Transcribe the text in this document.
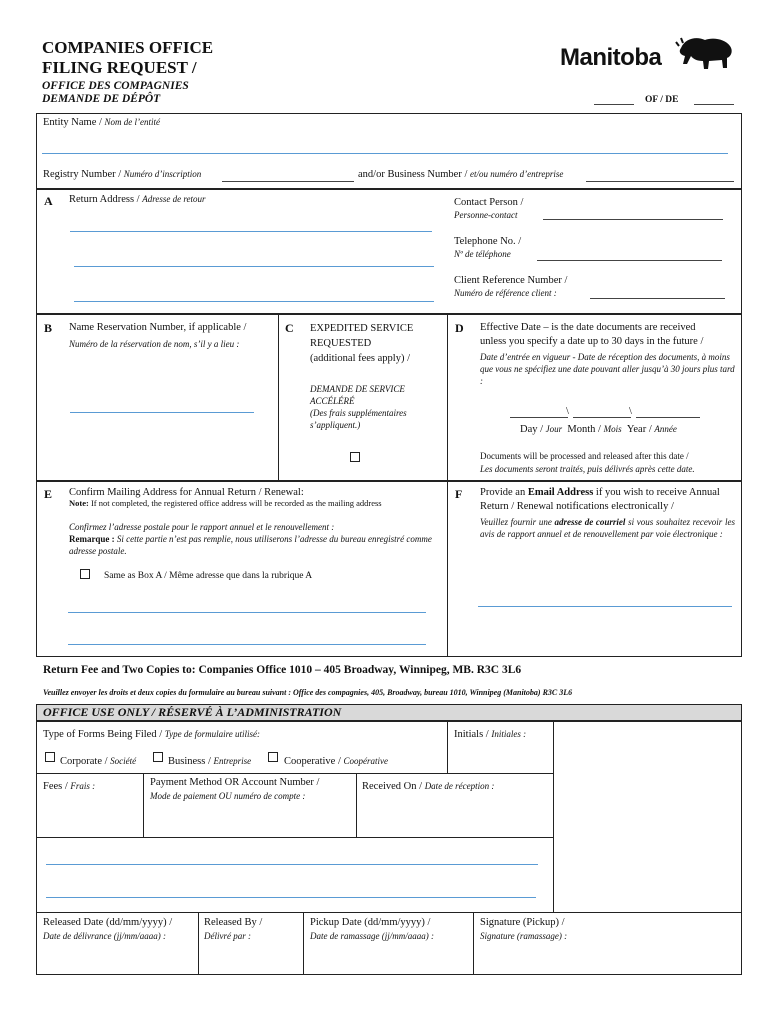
COMPANIES OFFICE
FILING REQUEST /
OFFICE DES COMPAGNIES
DEMANDE DE DÉPÔT
Manitoba
OF / DE
Entity Name / Nom de l’entité
Registry Number / Numéro d’inscription	and/or Business Number / et/ou numéro d’entreprise
A Return Address / Adresse de retour	Contact Person /
Personne-contact
Telephone No. /
Nº de téléphone
Client Reference Number /
Numéro de référence client :
B Name Reservation Number, if applicable /
Numéro de la réservation de nom, s’il y a lieu :
C EXPEDITED SERVICE
REQUESTED
(additional fees apply) /
DEMANDE DE SERVICE
ACCÉLÉRÉ
(Des frais supplémentaires
s’appliquent.)
D Effective Date – is the date documents are received
unless you specify a date up to 30 days in the future /
Date d’entrée en vigueur - Date de réception des documents, à moins que vous ne spécifiez une date pouvant aller jusqu’à 30 jours plus tard :
\	\
Day / Jour Month / Mois Year / Année
Documents will be processed and released after this date /
Les documents seront traités, puis délivrés après cette date.
E Confirm Mailing Address for Annual Return / Renewal:
Note: If not completed, the registered office address will be recorded as the mailing address
Confirmez l’adresse postale pour le rapport annuel et le renouvellement :
Remarque : Si cette partie n’est pas remplie, nous utiliserons l’adresse du bureau enregistré comme adresse postale.
Same as Box A / Même adresse que dans la rubrique A
F Provide an Email Address if you wish to receive Annual
Return / Renewal notifications electronically /
Veuillez fournir une adresse de courriel si vous souhaitez recevoir les avis de rapport annuel et de renouvellement par voie électronique :
Return Fee and Two Copies to: Companies Office 1010 – 405 Broadway, Winnipeg, MB. R3C 3L6
Veuillez envoyer les droits et deux copies du formulaire au bureau suivant : Office des compagnies, 405, Broadway, bureau 1010, Winnipeg (Manitoba) R3C 3L6
OFFICE USE ONLY / RÉSERVÉ À L’ADMINISTRATION
Type of Forms Being Filed / Type de formulaire utilisé:	Initials / Initiales :
Corporate / Société	Business / Entreprise	Cooperative / Coopérative
Fees / Frais :	Payment Method OR Account Number /
Mode de paiement OU numéro de compte :
Received On / Date de réception :
Released Date (dd/mm/yyyy) /
Date de délivrance (jj/mm/aaaa) :
Released By /
Délivré par :
Pickup Date (dd/mm/yyyy) /
Date de ramassage (jj/mm/aaaa) :
Signature (Pickup) /
Signature (ramassage) :
